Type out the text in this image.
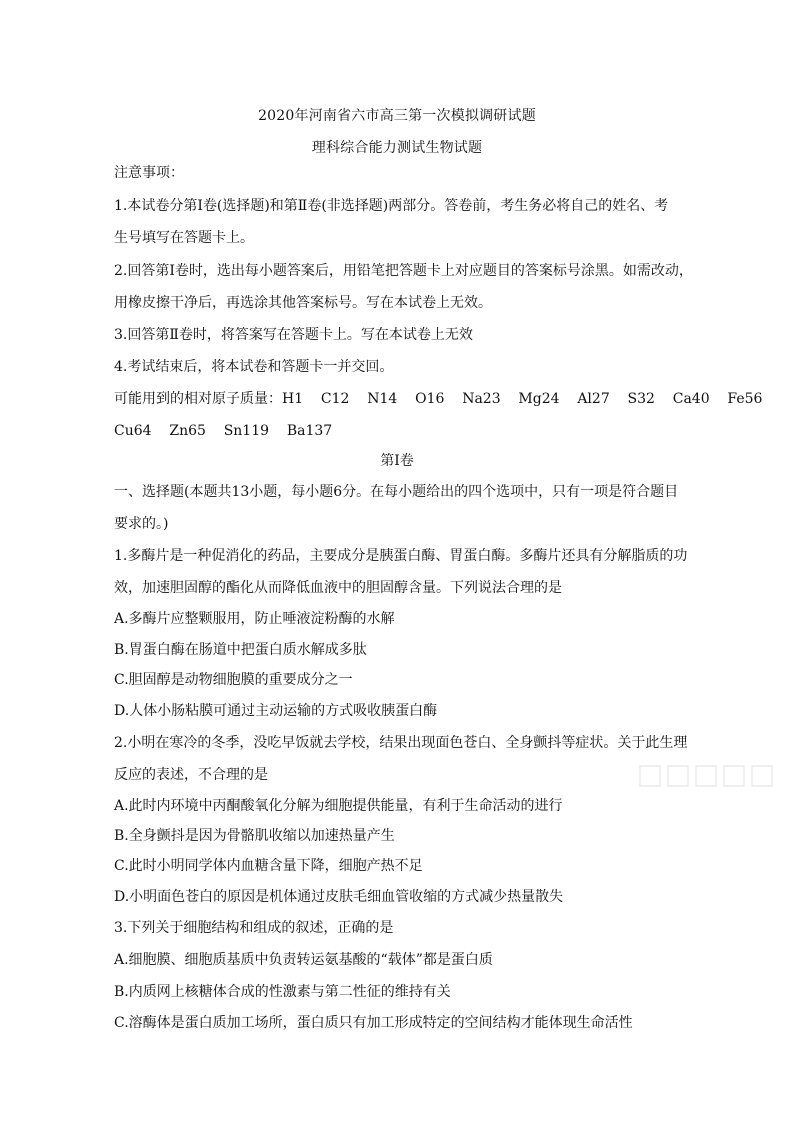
2020年河南省六市高三第一次模拟调研试题
理科综合能力测试生物试题
注意事项：
1.本试卷分第Ⅰ卷(选择题)和第Ⅱ卷(非选择题)两部分。答卷前，考生务必将自己的姓名、考
生号填写在答题卡上。
2.回答第Ⅰ卷时，选出每小题答案后，用铅笔把答题卡上对应题目的答案标号涂黑。如需改动，
用橡皮擦干净后，再选涂其他答案标号。写在本试卷上无效。
3.回答第Ⅱ卷时，将答案写在答题卡上。写在本试卷上无效
4.考试结束后，将本试卷和答题卡一并交回。
可能用到的相对原子质量：H1    C12    N14    O16    Na23    Mg24    Al27    S32    Ca40    Fe56
Cu64    Zn65    Sn119    Ba137
第Ⅰ卷
一、选择题(本题共13小题，每小题6分。在每小题给出的四个选项中，只有一项是符合题目
要求的。)
1.多酶片是一种促消化的药品，主要成分是胰蛋白酶、胃蛋白酶。多酶片还具有分解脂质的功
效，加速胆固醇的酯化从而降低血液中的胆固醇含量。下列说法合理的是
A.多酶片应整颗服用，防止唾液淀粉酶的水解
B.胃蛋白酶在肠道中把蛋白质水解成多肽
C.胆固醇是动物细胞膜的重要成分之一
D.人体小肠粘膜可通过主动运输的方式吸收胰蛋白酶
2.小明在寒冷的冬季，没吃早饭就去学校，结果出现面色苍白、全身颤抖等症状。关于此生理
反应的表述，不合理的是
A.此时内环境中丙酮酸氧化分解为细胞提供能量，有利于生命活动的进行
B.全身颤抖是因为骨骼肌收缩以加速热量产生
C.此时小明同学体内血糖含量下降，细胞产热不足
D.小明面色苍白的原因是机体通过皮肤毛细血管收缩的方式减少热量散失
3.下列关于细胞结构和组成的叙述，正确的是
A.细胞膜、细胞质基质中负责转运氨基酸的“载体”都是蛋白质
B.内质网上核糖体合成的性激素与第二性征的维持有关
C.溶酶体是蛋白质加工场所，蛋白质只有加工形成特定的空间结构才能体现生命活性
